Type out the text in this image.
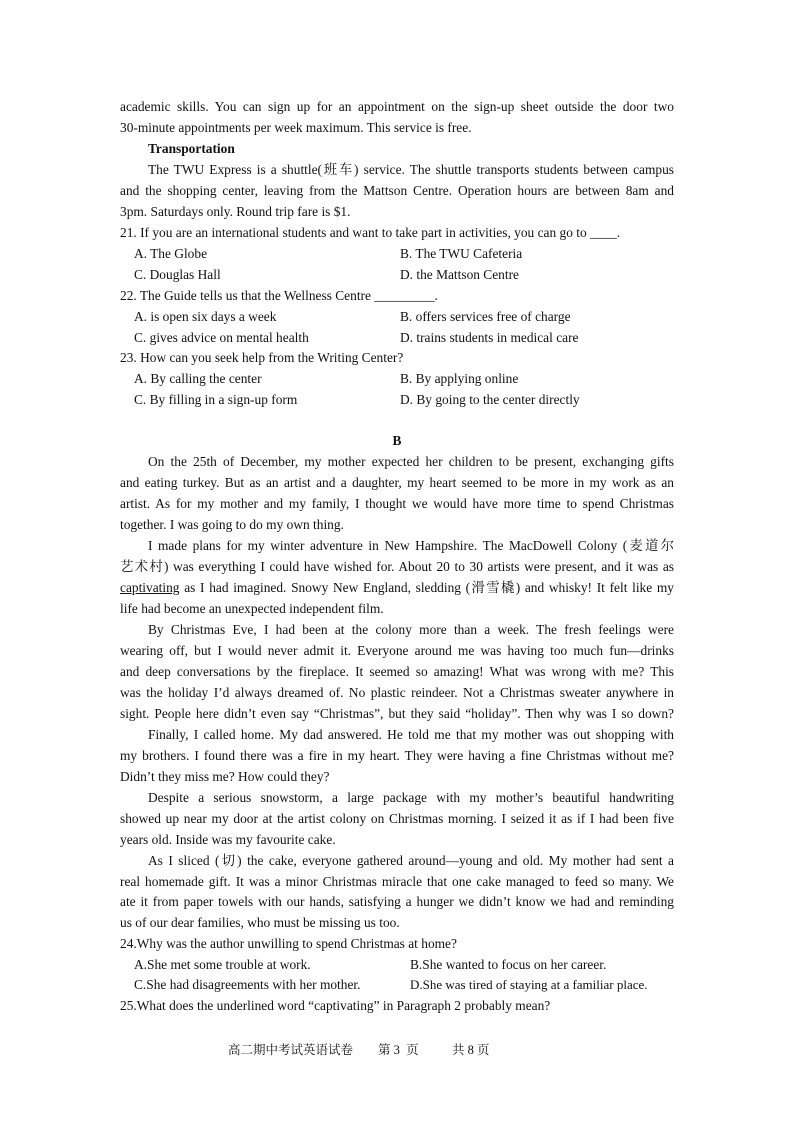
academic skills. You can sign up for an appointment on the sign-up sheet outside the door two
30-minute appointments per week maximum. This service is free.
Transportation
The TWU Express is a shuttle(班车) service. The shuttle transports students between campus
and the shopping center, leaving from the Mattson Centre. Operation hours are between 8am and
3pm. Saturdays only. Round trip fare is $1.
21. If you are an international students and want to take part in activities, you can go to ____.
A. The Globe	B. The TWU Cafeteria
C. Douglas Hall	D. the Mattson Centre
22. The Guide tells us that the Wellness Centre _________.
A. is open six days a week	B. offers services free of charge
C. gives advice on mental health	D. trains students in medical care
23. How can you seek help from the Writing Center?
A. By calling the center	B. By applying online
C. By filling in a sign-up form	D. By going to the center directly
B
On the 25th of December, my mother expected her children to be present, exchanging gifts
and eating turkey. But as an artist and a daughter, my heart seemed to be more in my work as an
artist. As for my mother and my family, I thought we would have more time to spend Christmas
together. I was going to do my own thing.
I made plans for my winter adventure in New Hampshire. The MacDowell Colony (麦道尔
艺术村) was everything I could have wished for. About 20 to 30 artists were present, and it was as
captivating as I had imagined. Snowy New England, sledding (滑雪橇) and whisky! It felt like my
life had become an unexpected independent film.
By Christmas Eve, I had been at the colony more than a week. The fresh feelings were
wearing off, but I would never admit it. Everyone around me was having too much fun—drinks
and deep conversations by the fireplace. It seemed so amazing! What was wrong with me? This
was the holiday I’d always dreamed of. No plastic reindeer. Not a Christmas sweater anywhere in
sight. People here didn’t even say “Christmas”, but they said “holiday”. Then why was I so down?
Finally, I called home. My dad answered. He told me that my mother was out shopping with
my brothers. I found there was a fire in my heart. They were having a fine Christmas without me?
Didn’t they miss me? How could they?
Despite a serious snowstorm, a large package with my mother’s beautiful handwriting
showed up near my door at the artist colony on Christmas morning. I seized it as if I had been five
years old. Inside was my favourite cake.
As I sliced (切) the cake, everyone gathered around—young and old. My mother had sent a
real homemade gift. It was a minor Christmas miracle that one cake managed to feed so many. We
ate it from paper towels with our hands, satisfying a hunger we didn’t know we had and reminding
us of our dear families, who must be missing us too.
24.Why was the author unwilling to spend Christmas at home?
A.She met some trouble at work.	B.She wanted to focus on her career.
C.She had disagreements with her mother.	D.She was tired of staying at a familiar place.
25.What does the underlined word “captivating” in Paragraph 2 probably mean?
高二期中考试英语试卷 第 3  页	共 8 页
